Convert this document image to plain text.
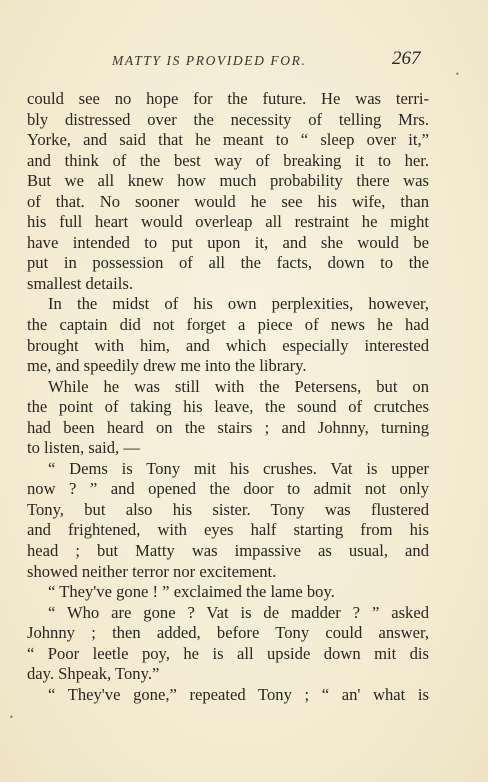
MATTY IS PROVIDED FOR.	267
could see no hope for the future. He was terri-
bly distressed over the necessity of telling Mrs.
Yorke, and said that he meant to “ sleep over it,”
and think of the best way of breaking it to her.
But we all knew how much probability there was
of that. No sooner would he see his wife, than
his full heart would overleap all restraint he might
have intended to put upon it, and she would be
put in possession of all the facts, down to the
smallest details.
In the midst of his own perplexities, however,
the captain did not forget a piece of news he had
brought with him, and which especially interested
me, and speedily drew me into the library.
While he was still with the Petersens, but on
the point of taking his leave, the sound of crutches
had been heard on the stairs ; and Johnny, turning
to listen, said, —
“ Dems is Tony mit his crushes. Vat is upper
now ? ” and opened the door to admit not only
Tony, but also his sister. Tony was flustered
and frightened, with eyes half starting from his
head ; but Matty was impassive as usual, and
showed neither terror nor excitement.
“ They've gone ! ” exclaimed the lame boy.
“ Who are gone ? Vat is de madder ? ” asked
Johnny ; then added, before Tony could answer,
“ Poor leetle poy, he is all upside down mit dis
day. Shpeak, Tony.”
“ They've gone,” repeated Tony ; “ an' what is
•
•
